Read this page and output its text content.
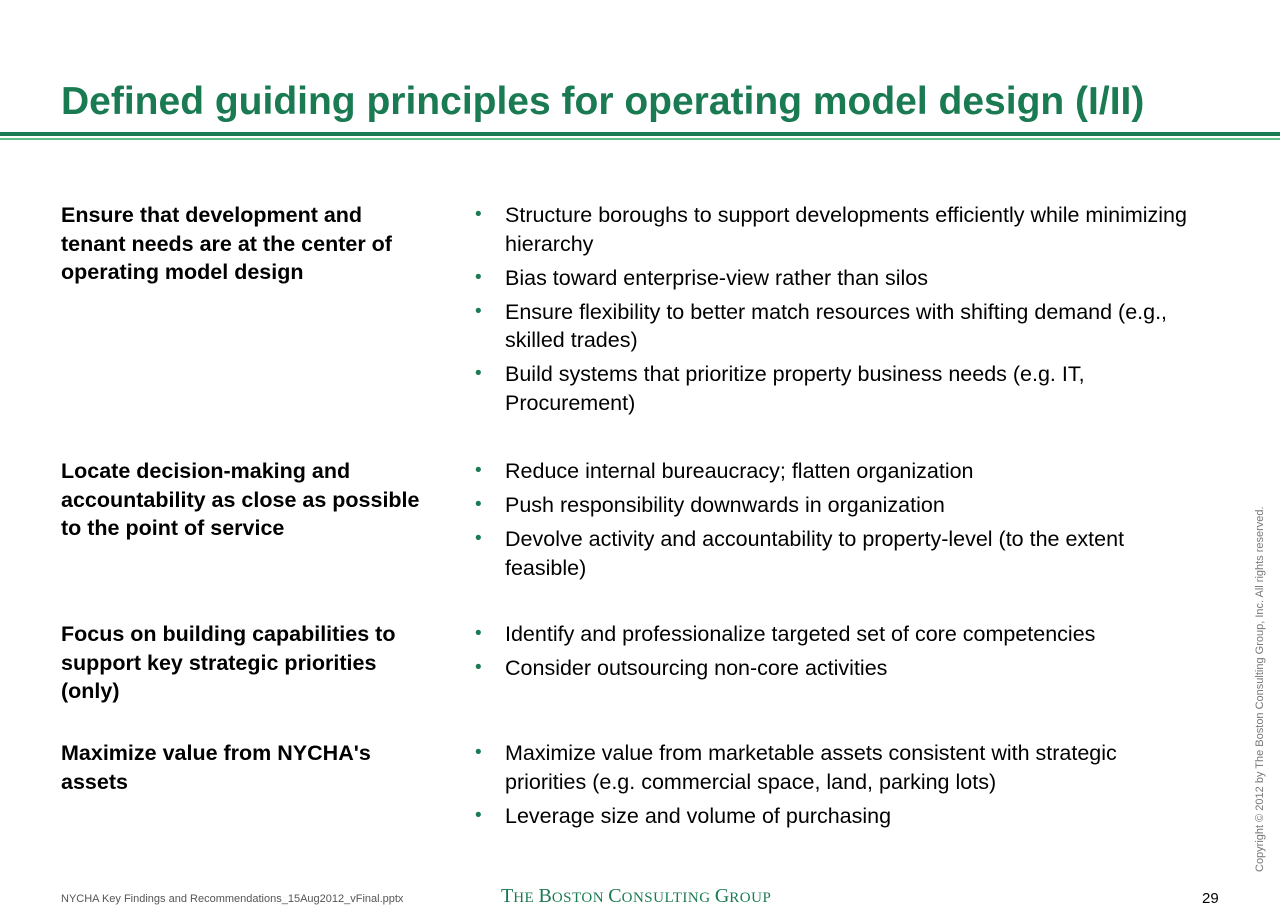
Defined guiding principles for operating model design (I/II)
Ensure that development and tenant needs are at the center of operating model design
• Structure boroughs to support developments efficiently while minimizing hierarchy
• Bias toward enterprise-view rather than silos
• Ensure flexibility to better match resources with shifting demand (e.g., skilled trades)
• Build systems that prioritize property business needs (e.g. IT, Procurement)
Locate decision-making and accountability as close as possible to the point of service
• Reduce internal bureaucracy; flatten organization
• Push responsibility downwards in organization
• Devolve activity and accountability to property-level (to the extent feasible)
Focus on building capabilities to support key strategic priorities (only)
• Identify and professionalize targeted set of core competencies
• Consider outsourcing non-core activities
Maximize value from NYCHA's assets
• Maximize value from marketable assets consistent with strategic priorities (e.g. commercial space, land, parking lots)
• Leverage size and volume of purchasing
NYCHA Key Findings and Recommendations_15Aug2012_vFinal.pptx	THE BOSTON CONSULTING GROUP	29
Copyright © 2012 by The Boston Consulting Group, Inc. All rights reserved.
